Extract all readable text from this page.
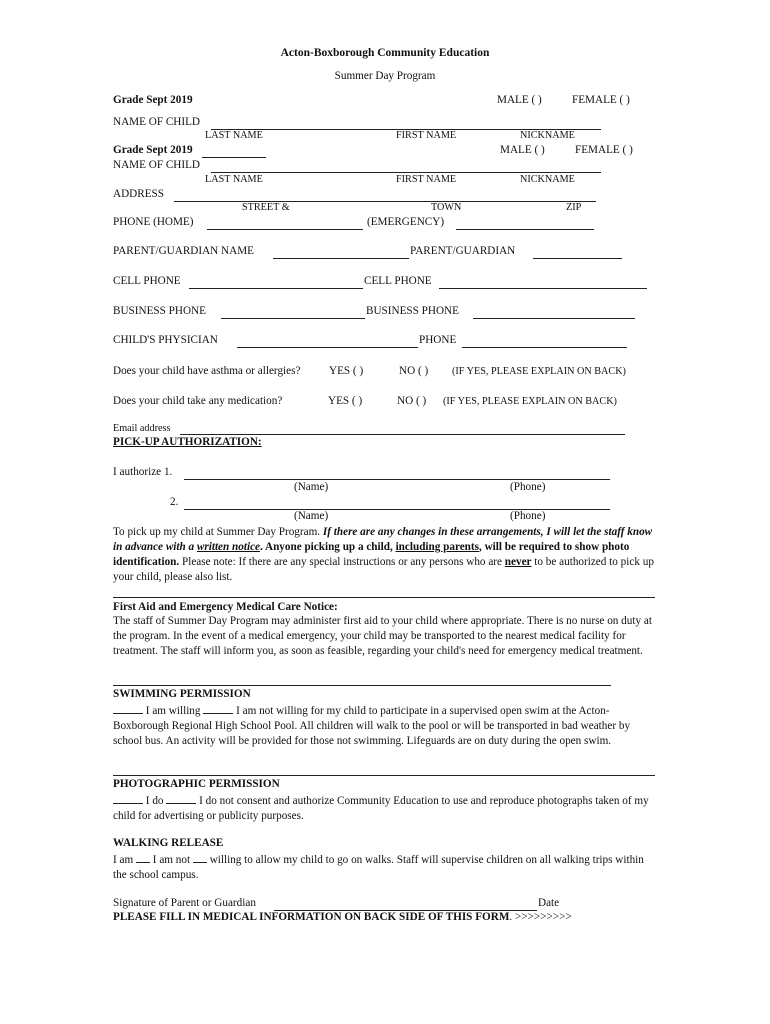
Acton-Boxborough Community Education
Summer Day Program
Grade Sept 2019	MALE ( )	FEMALE ( )
NAME OF CHILD
LAST NAME	FIRST NAME	NICKNAME
Grade Sept 2019	MALE ( )	FEMALE ( )
NAME OF CHILD
LAST NAME	FIRST NAME	NICKNAME
ADDRESS
STREET &	TOWN	ZIP
PHONE (HOME)	(EMERGENCY)
PARENT/GUARDIAN NAME	PARENT/GUARDIAN
CELL PHONE	CELL PHONE
BUSINESS PHONE	BUSINESS PHONE
CHILD'S PHYSICIAN	PHONE
Does your child have asthma or allergies?	YES ( )	NO ( ) (IF YES, PLEASE EXPLAIN ON BACK)
Does your child take any medication?	YES ( )	NO ( ) (IF YES, PLEASE EXPLAIN ON BACK)
Email address
PICK-UP AUTHORIZATION:
I authorize 1.
(Name)	(Phone)
2.
(Name)	(Phone)
To pick up my child at Summer Day Program. If there are any changes in these arrangements, I will let the staff know in advance with a written notice. Anyone picking up a child, including parents, will be required to show photo identification. Please note: If there are any special instructions or any persons who are never to be authorized to pick up your child, please also list.
First Aid and Emergency Medical Care Notice:
The staff of Summer Day Program may administer first aid to your child where appropriate. There is no nurse on duty at the program. In the event of a medical emergency, your child may be transported to the nearest medical facility for treatment. The staff will inform you, as soon as feasible, regarding your child's need for emergency medical treatment.
SWIMMING PERMISSION
I am willing	I am not willing for my child to participate in a supervised open swim at the Acton-Boxborough Regional High School Pool. All children will walk to the pool or will be transported in bad weather by school bus. An activity will be provided for those not swimming. Lifeguards are on duty during the open swim.
PHOTOGRAPHIC PERMISSION
I do	I do not consent and authorize Community Education to use and reproduce photographs taken of my child for advertising or publicity purposes.
WALKING RELEASE
I am I am not willing to allow my child to go on walks. Staff will supervise children on all walking trips within the school campus.
Signature of Parent or Guardian	Date
PLEASE FILL IN MEDICAL INFORMATION ON BACK SIDE OF THIS FORM. >>>>>>>>>
